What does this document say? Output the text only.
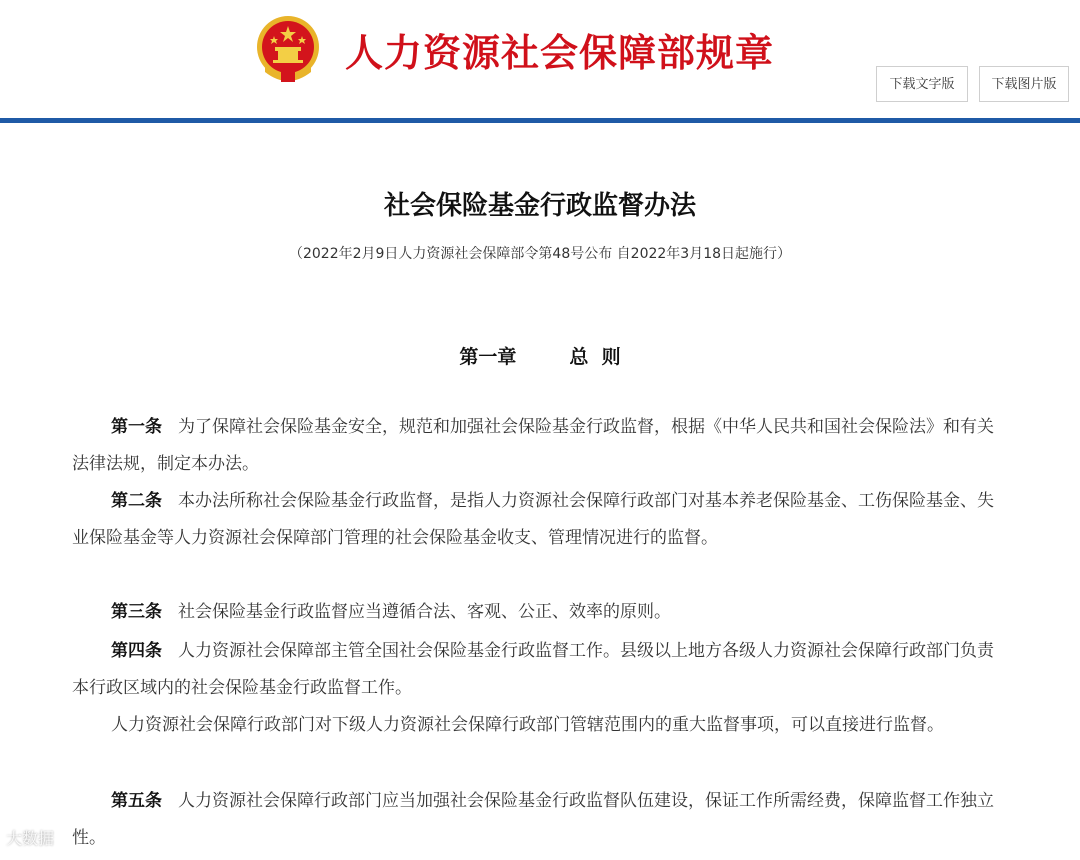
人力资源社会保障部规章
下载文字版	下载图片版
社会保险基金行政监督办法
（2022年2月9日人力资源社会保障部令第48号公布 自2022年3月18日起施行）
第一章        总  则
第一条 为了保障社会保险基金安全，规范和加强社会保险基金行政监督，根据《中华人民共和国社会保险法》和有关法律法规，制定本办法。
第二条 本办法所称社会保险基金行政监督，是指人力资源社会保障行政部门对基本养老保险基金、工伤保险基金、失业保险基金等人力资源社会保障部门管理的社会保险基金收支、管理情况进行的监督。
第三条 社会保险基金行政监督应当遵循合法、客观、公正、效率的原则。
第四条 人力资源社会保障部主管全国社会保险基金行政监督工作。县级以上地方各级人力资源社会保障行政部门负责本行政区域内的社会保险基金行政监督工作。
人力资源社会保障行政部门对下级人力资源社会保障行政部门管辖范围内的重大监督事项，可以直接进行监督。
第五条 人力资源社会保障行政部门应当加强社会保险基金行政监督队伍建设，保证工作所需经费，保障监督工作独立性。
大数据
